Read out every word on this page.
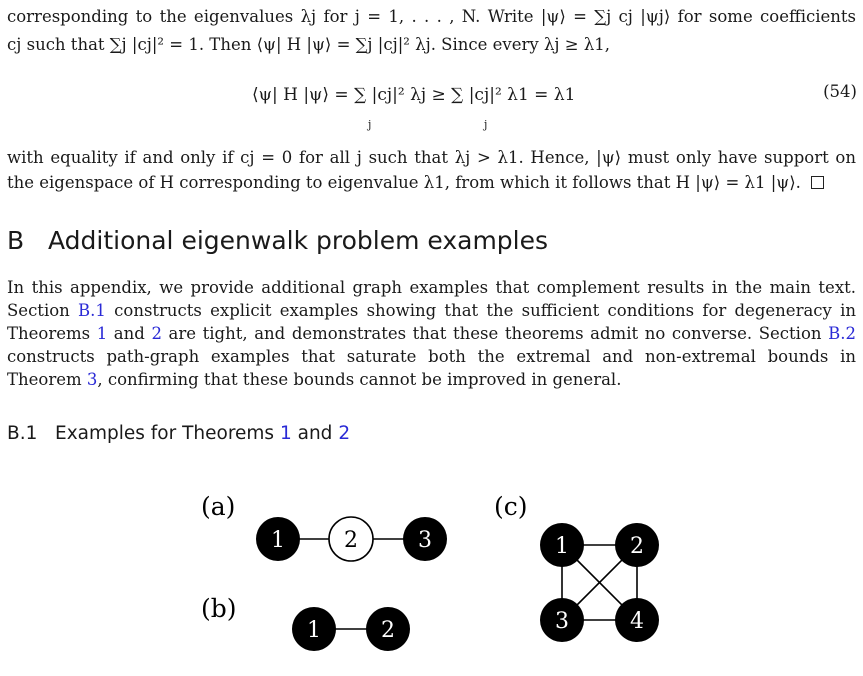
corresponding to the eigenvalues λj for j = 1, . . . , N. Write |ψ⟩ = ∑j cj |ψj⟩ for some coefficients
cj such that ∑j |cj|² = 1. Then ⟨ψ| H |ψ⟩ = ∑j |cj|² λj. Since every λj ≥ λ1,
⟨ψ| H |ψ⟩ = ∑ |cj|² λj ≥ ∑ |cj|² λ1 = λ1
j	j
(54)
with equality if and only if cj = 0 for all j such that λj > λ1. Hence, |ψ⟩ must only have support on
the eigenspace of H corresponding to eigenvalue λ1, from which it follows that H |ψ⟩ = λ1 |ψ⟩.
B Additional eigenwalk problem examples
In this appendix, we provide additional graph examples that complement results in the main text.
Section B.1 constructs explicit examples showing that the sufficient conditions for degeneracy in
Theorems 1 and 2 are tight, and demonstrates that these theorems admit no converse. Section B.2
constructs path-graph examples that saturate both the extremal and non-extremal bounds in
Theorem 3, confirming that these bounds cannot be improved in general.
B.1 Examples for Theorems 1 and 2
(a)
(b)
(c)
1	2	3
1	2
1	2
3	4
